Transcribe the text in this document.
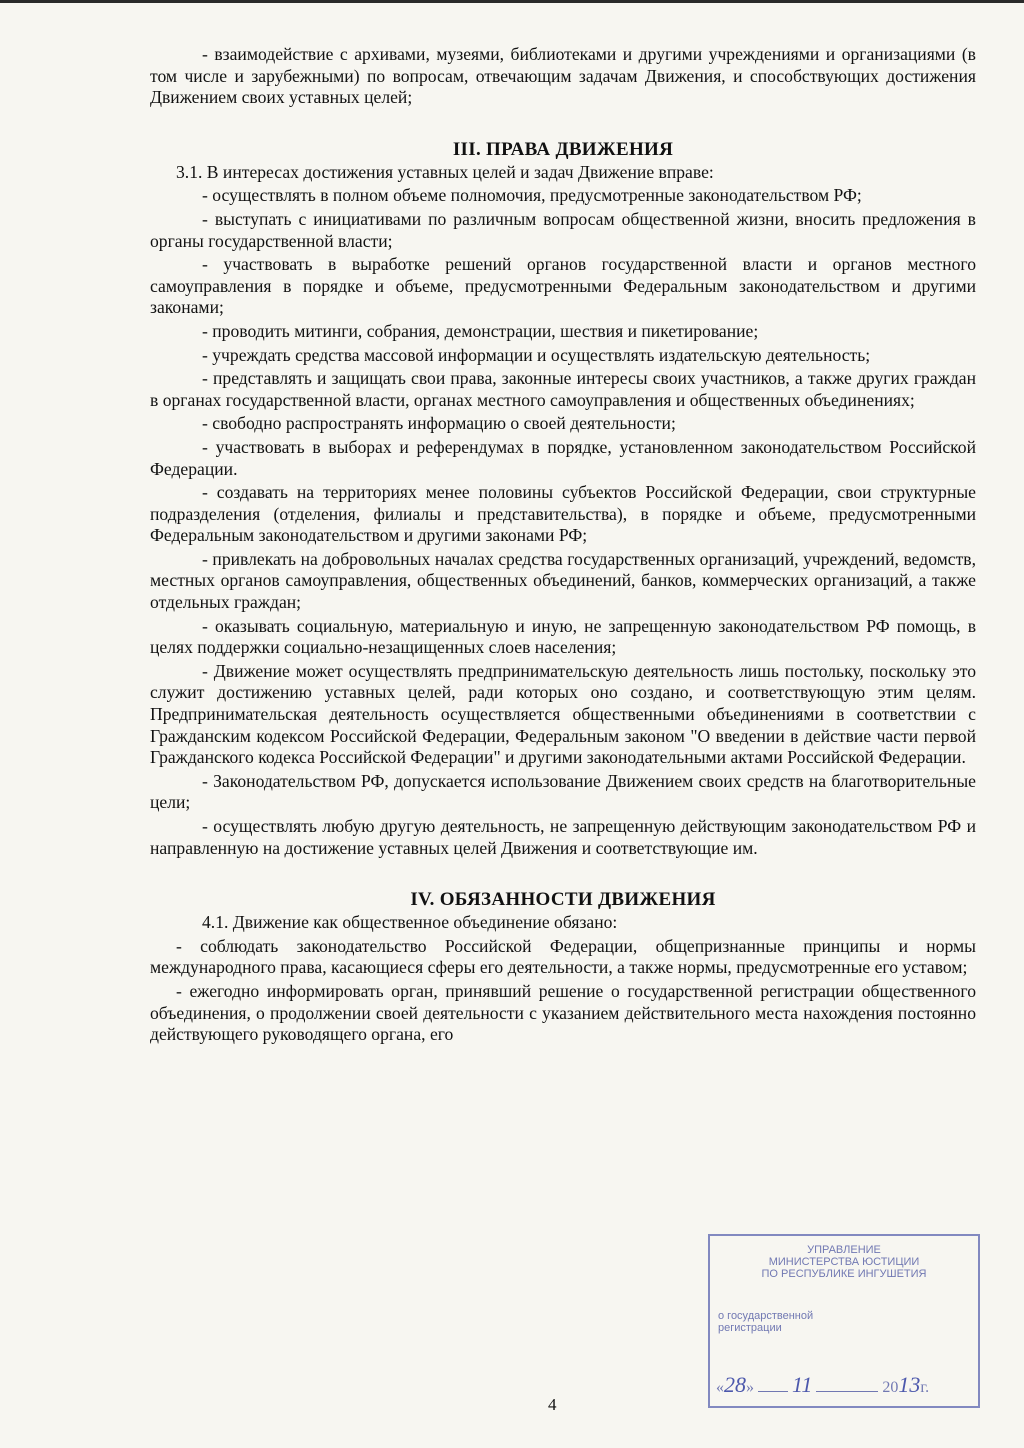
- взаимодействие с архивами, музеями, библиотеками и другими учреждениями и организациями (в том числе и зарубежными) по вопросам, отвечающим задачам Движения, и способствующих достижения Движением своих уставных целей;

III. ПРАВА ДВИЖЕНИЯ

3.1. В интересах достижения уставных целей и задач Движение вправе:

- осуществлять в полном объеме полномочия, предусмотренные законодательством РФ;

- выступать с инициативами по различным вопросам общественной жизни, вносить предложения в органы государственной власти;

- участвовать в выработке решений органов государственной власти и органов местного самоуправления в порядке и объеме, предусмотренными Федеральным законодательством и другими законами;

- проводить митинги, собрания, демонстрации, шествия и пикетирование;

- учреждать средства массовой информации и осуществлять издательскую деятельность;

- представлять и защищать свои права, законные интересы своих участников, а также других граждан в органах государственной власти, органах местного самоуправления и общественных объединениях;

- свободно распространять информацию о своей деятельности;

- участвовать в выборах и референдумах в порядке, установленном законодательством Российской Федерации.

- создавать на территориях менее половины субъектов Российской Федерации, свои структурные подразделения (отделения, филиалы и представительства), в порядке и объеме, предусмотренными Федеральным законодательством и другими законами РФ;

- привлекать на добровольных началах средства государственных организаций, учреждений, ведомств, местных органов самоуправления, общественных объединений, банков, коммерческих организаций, а также отдельных граждан;

- оказывать социальную, материальную и иную, не запрещенную законодательством РФ помощь, в целях поддержки социально-незащищенных слоев населения;

- Движение может осуществлять предпринимательскую деятельность лишь постольку, поскольку это служит достижению уставных целей, ради которых оно создано, и соответствующую этим целям. Предпринимательская деятельность осуществляется общественными объединениями в соответствии с Гражданским кодексом Российской Федерации, Федеральным законом "О введении в действие части первой Гражданского кодекса Российской Федерации" и другими законодательными актами Российской Федерации.

- Законодательством РФ, допускается использование Движением своих средств на благотворительные цели;

- осуществлять любую другую деятельность, не запрещенную действующим законодательством РФ и направленную на достижение уставных целей Движения и соответствующие им.

IV. ОБЯЗАННОСТИ ДВИЖЕНИЯ

4.1. Движение как общественное объединение обязано:

- соблюдать законодательство Российской Федерации, общепризнанные принципы и нормы международного права, касающиеся сферы его деятельности, а также нормы, предусмотренные его уставом;

- ежегодно информировать орган, принявший решение о государственной регистрации общественного объединения, о продолжении своей деятельности с указанием действительного места нахождения постоянно действующего руководящего органа, его

4
УПРАВЛЕНИЕ
МИНИСТЕРСТВА ЮСТИЦИИ
ПО РЕСПУБЛИКЕ ИНГУШЕТИЯ
о государственной
регистрации
«28»  11	2013г.
